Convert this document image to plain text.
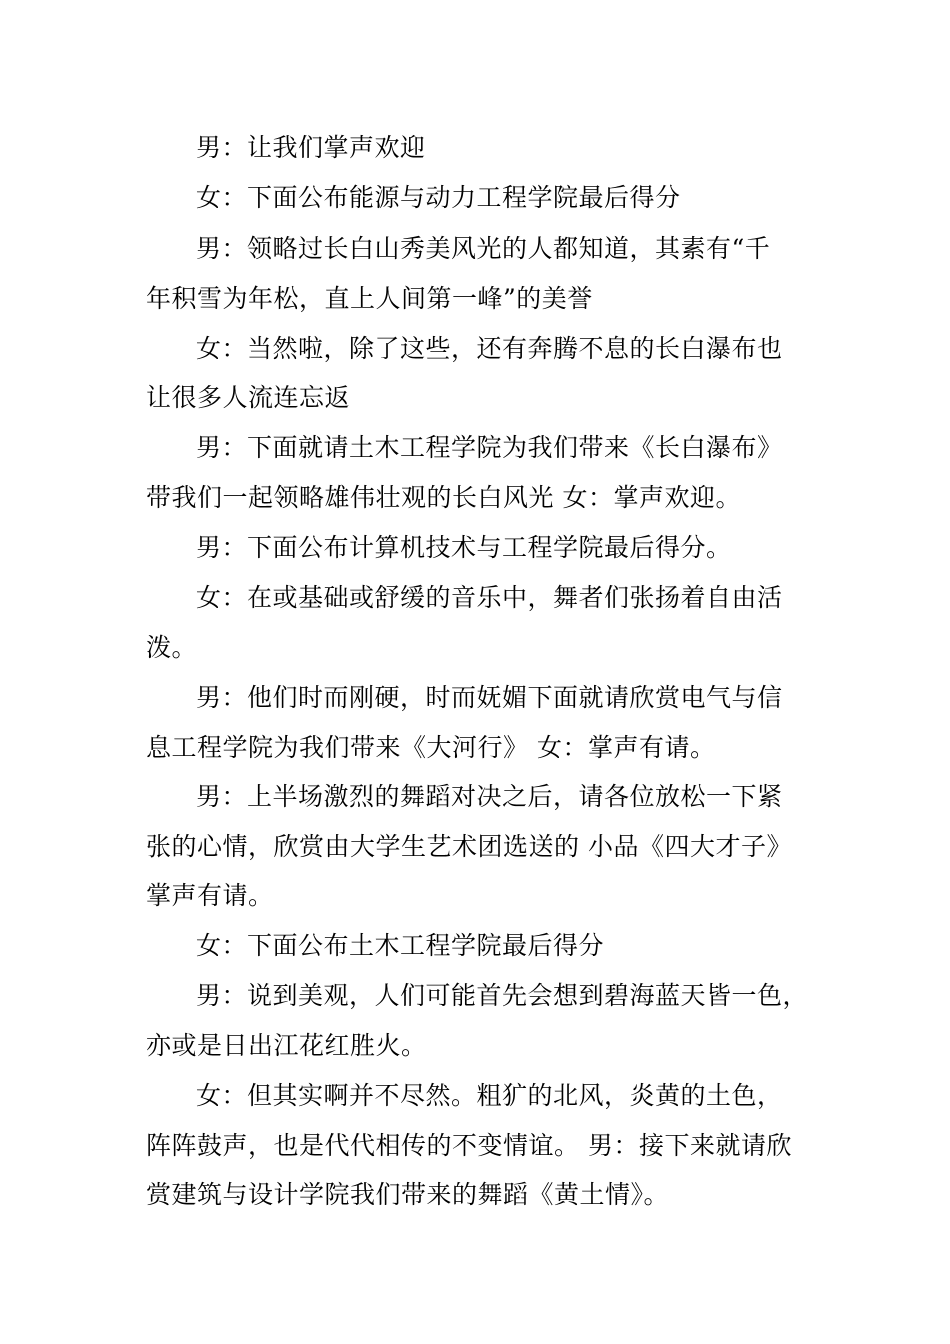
男：让我们掌声欢迎
女：下面公布能源与动力工程学院最后得分
男：领略过长白山秀美风光的人都知道，其素有“千
年积雪为年松，直上人间第一峰”的美誉
女：当然啦，除了这些，还有奔腾不息的长白瀑布也
让很多人流连忘返
男：下面就请土木工程学院为我们带来《长白瀑布》
带我们一起领略雄伟壮观的长白风光 女：掌声欢迎。
男：下面公布计算机技术与工程学院最后得分。
女：在或基础或舒缓的音乐中，舞者们张扬着自由活
泼。
男：他们时而刚硬，时而妩媚下面就请欣赏电气与信
息工程学院为我们带来《大河行》 女：掌声有请。
男：上半场激烈的舞蹈对决之后，请各位放松一下紧
张的心情，欣赏由大学生艺术团选送的 小品《四大才子》
掌声有请。
女：下面公布土木工程学院最后得分
男：说到美观，人们可能首先会想到碧海蓝天皆一色，
亦或是日出江花红胜火。
女：但其实啊并不尽然。粗犷的北风，炎黄的土色，
阵阵鼓声，也是代代相传的不变情谊。 男：接下来就请欣
赏建筑与设计学院我们带来的舞蹈《黄土情》。
